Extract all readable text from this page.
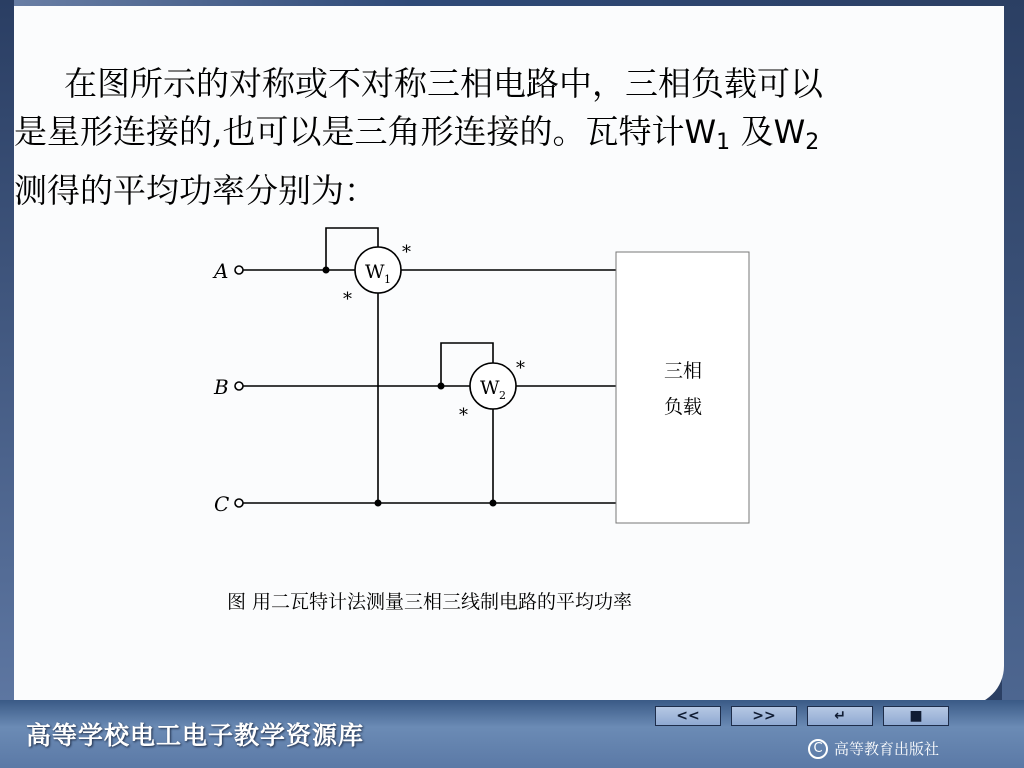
在图所示的对称或不对称三相电路中，三相负载可以
是星形连接的,也可以是三角形连接的。瓦特计W1 及W2
测得的平均功率分别为：

A
B
C
W 1
W 2
*
*
*
*
三相
负载
图 用二瓦特计法测量三相三线制电路的平均功率
高等学校电工电子教学资源库
<<	>>	↵	■
C 高等教育出版社
